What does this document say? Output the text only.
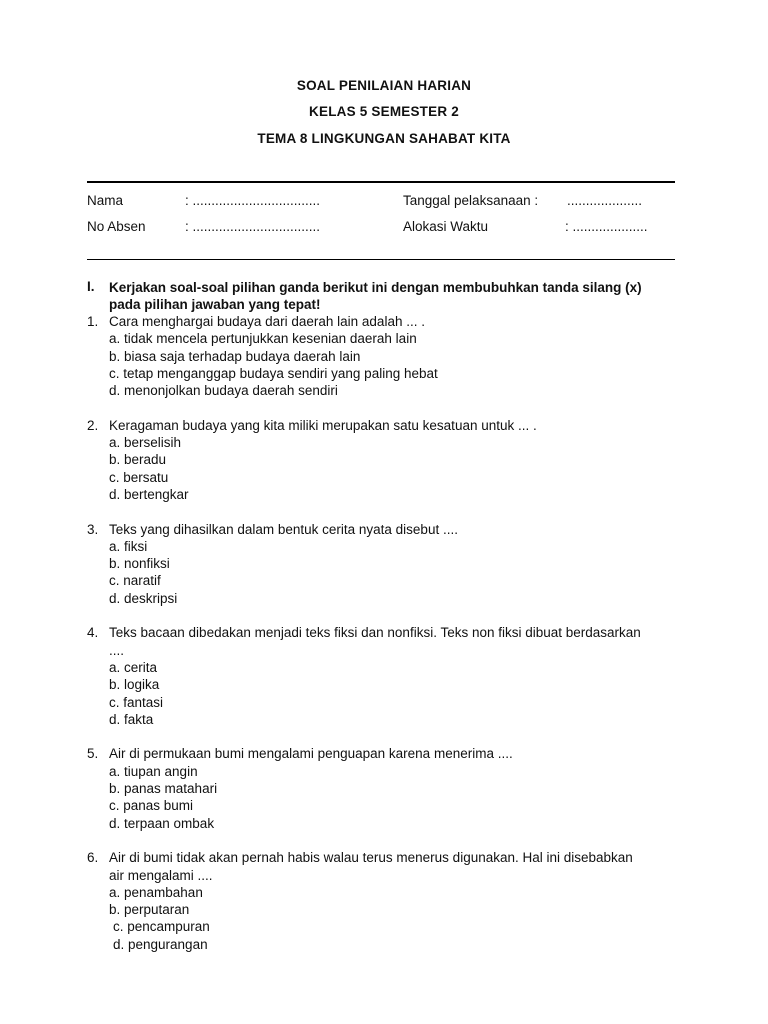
SOAL PENILAIAN HARIAN
KELAS 5 SEMESTER 2
TEMA 8 LINGKUNGAN SAHABAT KITA
Nama	: ..................................	Tanggal pelaksanaan : ....................
No Absen	: ..................................	Alokasi Waktu	: ....................
I. Kerjakan soal-soal pilihan ganda berikut ini dengan membubuhkan tanda silang (x) pada pilihan jawaban yang tepat!
1. Cara menghargai budaya dari daerah lain adalah ... .
a. tidak mencela pertunjukkan kesenian daerah lain
b. biasa saja terhadap budaya daerah lain
c. tetap menganggap budaya sendiri yang paling hebat
d. menonjolkan budaya daerah sendiri
2. Keragaman budaya yang kita miliki merupakan satu kesatuan untuk ... .
a. berselisih
b. beradu
c. bersatu
d. bertengkar
3. Teks yang dihasilkan dalam bentuk cerita nyata disebut ....
a. fiksi
b. nonfiksi
c. naratif
d. deskripsi
4. Teks bacaan dibedakan menjadi teks fiksi dan nonfiksi. Teks non fiksi dibuat berdasarkan ....
a. cerita
b. logika
c. fantasi
d. fakta
5. Air di permukaan bumi mengalami penguapan karena menerima ....
a. tiupan angin
b. panas matahari
c. panas bumi
d. terpaan ombak
6. Air di bumi tidak akan pernah habis walau terus menerus digunakan. Hal ini disebabkan air mengalami ....
a. penambahan
b. perputaran
c. pencampuran
d. pengurangan
